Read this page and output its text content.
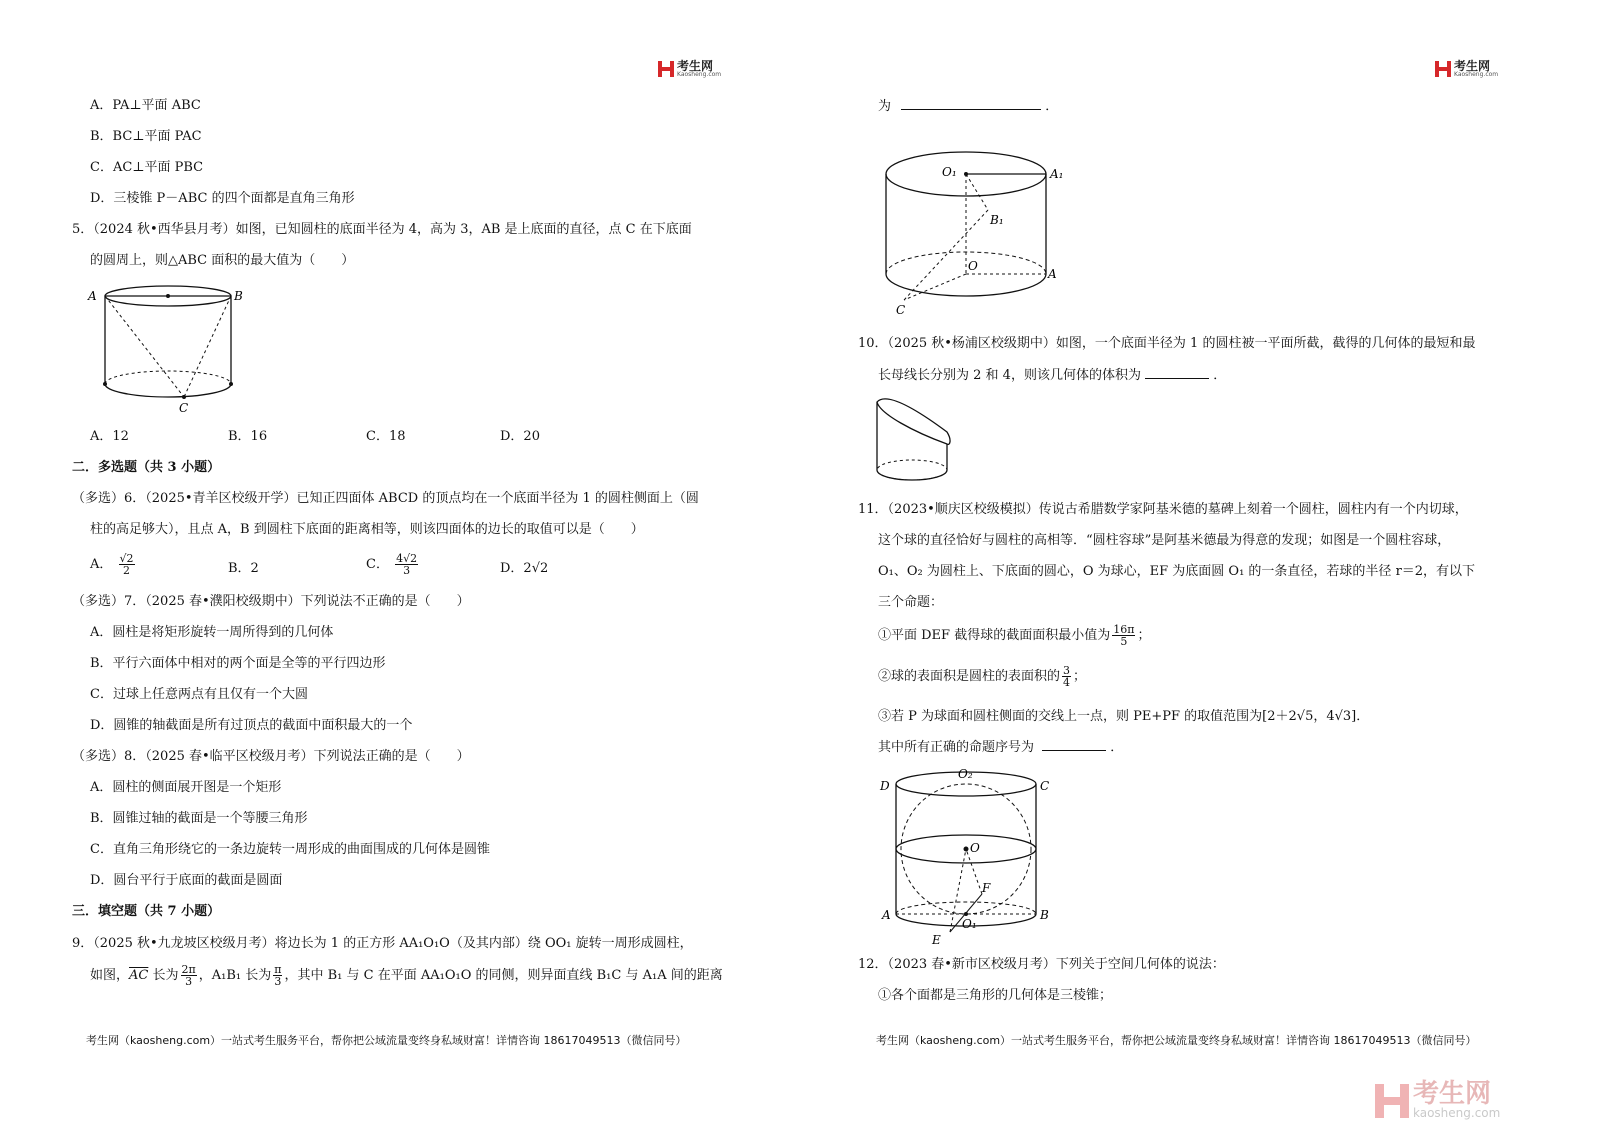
考生网
Kaosheng.com
A．PA⊥平面 ABC
B．BC⊥平面 PAC
C．AC⊥平面 PBC
D．三棱锥 P－ABC 的四个面都是直角三角形
5．（2024 秋•西华县月考）如图，已知圆柱的底面半径为 4，高为 3，AB 是上底面的直径，点 C 在下底面
的圆周上，则△ABC 面积的最大值为（　　）
A	B
C
A．12	B．16	C．18	D．20
二．多选题（共 3 小题）
（多选）6．（2025•青羊区校级开学）已知正四面体 ABCD 的顶点均在一个底面半径为 1 的圆柱侧面上（圆
柱的高足够大），且点 A，B 到圆柱下底面的距离相等，则该四面体的边长的取值可以是（　　）
A． $\frac{√2}{2}$	B．2	C． $\frac{4√2}{3}$	D．2√2
（多选）7．（2025 春•濮阳校级期中）下列说法不正确的是（　　）
A．圆柱是将矩形旋转一周所得到的几何体
B．平行六面体中相对的两个面是全等的平行四边形
C．过球上任意两点有且仅有一个大圆
D．圆锥的轴截面是所有过顶点的截面中面积最大的一个
（多选）8．（2025 春•临平区校级月考）下列说法正确的是（　　）
A．圆柱的侧面展开图是一个矩形
B．圆锥过轴的截面是一个等腰三角形
C．直角三角形绕它的一条边旋转一周形成的曲面围成的几何体是圆锥
D．圆台平行于底面的截面是圆面
三．填空题（共 7 小题）
9．（2025 秋•九龙坡区校级月考）将边长为 1 的正方形 AA₁O₁O（及其内部）绕 OO₁ 旋转一周形成圆柱，
如图，$\overline{AC}$ 长为 $\frac{2\pi}{3}$ ，A₁B₁ 长为 $\frac{\pi}{3}$ ，其中 B₁ 与 C 在平面 AA₁O₁O 的同侧，则异面直线 B₁C 与 A₁A 间的距离
考生网（kaosheng.com）一站式考生服务平台，帮你把公域流量变终身私域财富！详情咨询 18617049513（微信同号）
考生网
Kaosheng.com
为	．
O₁	A₁
B₁
O
A
C
10．（2025 秋•杨浦区校级期中）如图，一个底面半径为 1 的圆柱被一平面所截，截得的几何体的最短和最
长母线长分别为 2 和 4，则该几何体的体积为	．
11．（2023•顺庆区校级模拟）传说古希腊数学家阿基米德的墓碑上刻着一个圆柱，圆柱内有一个内切球，
这个球的直径恰好与圆柱的高相等．“圆柱容球”是阿基米德最为得意的发现；如图是一个圆柱容球，
O₁、O₂ 为圆柱上、下底面的圆心，O 为球心，EF 为底面圆 O₁ 的一条直径，若球的半径 r＝2，有以下
三个命题：
①平面 DEF 截得球的截面面积最小值为 $\frac{16\pi}{5}$ ；
②球的表面积是圆柱的表面积的 $\frac{3}{4}$ ；
③若 P 为球面和圆柱侧面的交线上一点，则 PE+PF 的取值范围为[2＋2√5，4√3]．
其中所有正确的命题序号为	．
D
O₂
C
O
F
A
O₁
B
E
12．（2023 春•新市区校级月考）下列关于空间几何体的说法：
①各个面都是三角形的几何体是三棱锥；
考生网（kaosheng.com）一站式考生服务平台，帮你把公域流量变终身私域财富！详情咨询 18617049513（微信同号）
考生网
kaosheng.com
